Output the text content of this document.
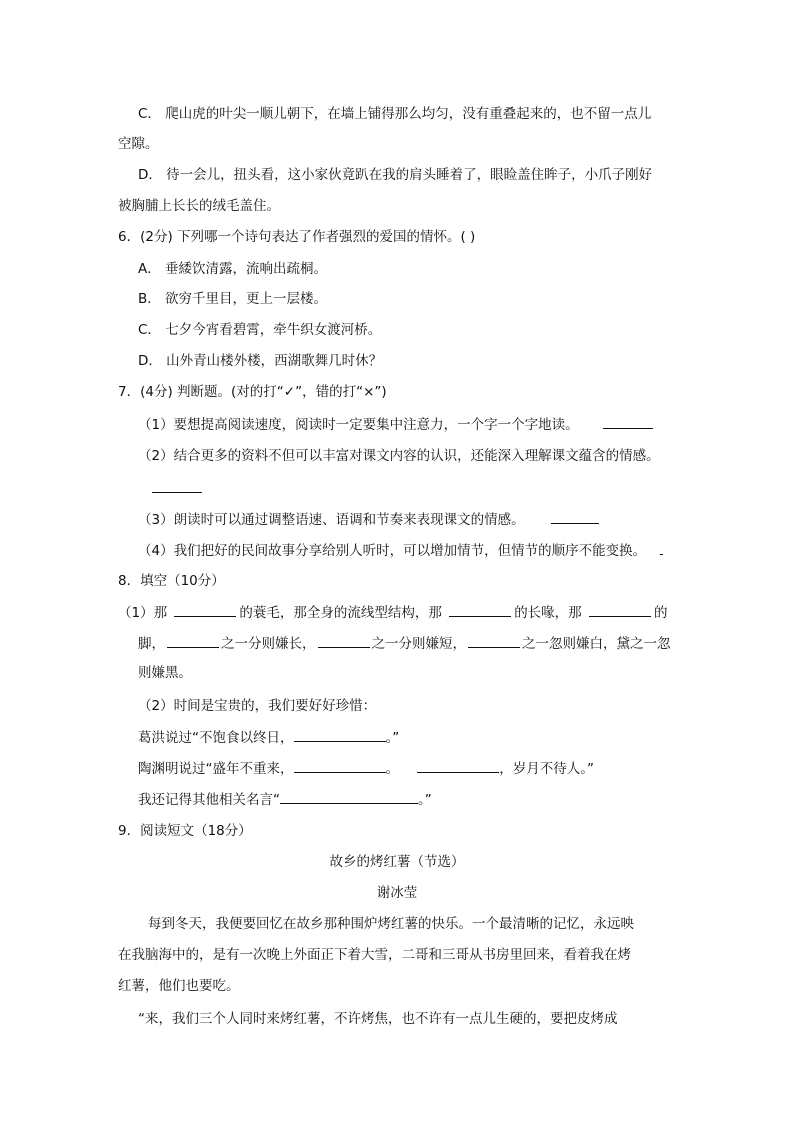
C． 爬山虎的叶尖一顺儿朝下，在墙上铺得那么均匀，没有重叠起来的，也不留一点儿
空隙。
D． 待一会儿，扭头看，这小家伙竟趴在我的肩头睡着了，眼睑盖住眸子，小爪子刚好
被胸脯上长长的绒毛盖住。
6．(2分) 下列哪一个诗句表达了作者强烈的爱国的情怀。( )
A． 垂緌饮清露，流响出疏桐。
B． 欲穷千里目，更上一层楼。
C． 七夕今宵看碧霄，牵牛织女渡河桥。
D． 山外青山楼外楼，西湖歌舞几时休？
7．(4分) 判断题。(对的打“✓”，错的打“×”)
（1）要想提高阅读速度，阅读时一定要集中注意力，一个字一个字地读。
（2）结合更多的资料不但可以丰富对课文内容的认识，还能深入理解课文蕴含的情感。
（3）朗读时可以通过调整语速、语调和节奏来表现课文的情感。
（4）我们把好的民间故事分享给别人听时，可以增加情节，但情节的顺序不能变换。
8．填空（10分）
（1）那	的蓑毛，那全身的流线型结构，那	的长喙，那	的
脚，	之一分则嫌长，	之一分则嫌短，	之一忽则嫌白，黛之一忽
则嫌黑。
（2）时间是宝贵的，我们要好好珍惜：
葛洪说过“不饱食以终日，	。”
陶渊明说过“盛年不重来，	。	，岁月不待人。”
我还记得其他相关名言“	。”
9．阅读短文（18分）
故乡的烤红薯（节选）
谢冰莹
每到冬天，我便要回忆在故乡那种围炉烤红薯的快乐。一个最清晰的记忆，永远映
在我脑海中的，是有一次晚上外面正下着大雪，二哥和三哥从书房里回来，看着我在烤
红薯，他们也要吃。
“来，我们三个人同时来烤红薯，不许烤焦，也不许有一点儿生硬的，要把皮烤成
